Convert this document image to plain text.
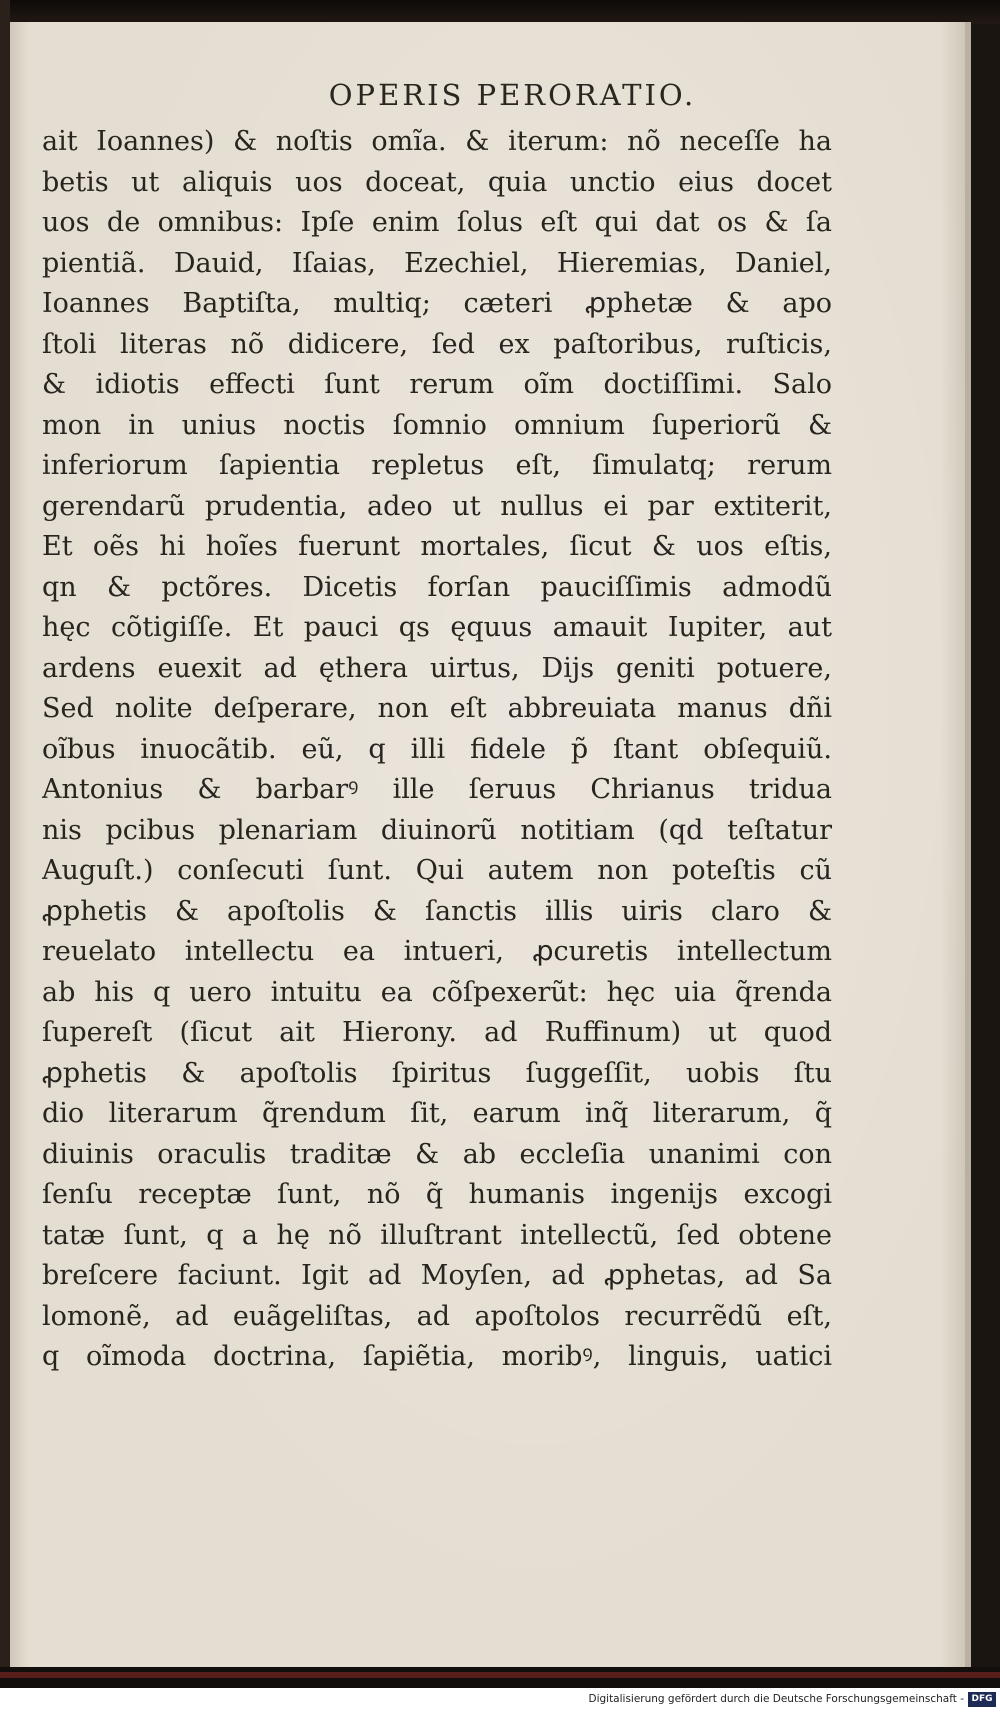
OPERIS PERORATIO.
ait Ioannes) & noſtis omĩa. & iterum: nõ neceſſe ha
betis ut aliquis uos doceat, quia unctio eius docet
uos de omnibus: Ipſe enim ſolus eſt qui dat os & ſa
pientiã. Dauid, Iſaias, Ezechiel, Hieremias, Daniel,
Ioannes Baptiſta, multiq; cæteri ꝓphetæ & apo
ſtoli literas nõ didicere, ſed ex paſtoribus, ruſticis,
& idiotis effecti ſunt rerum oĩm doctiſſimi. Salo
mon in unius noctis ſomnio omnium ſuperiorũ &
inferiorum ſapientia repletus eſt, ſimulatq; rerum
gerendarũ prudentia, adeo ut nullus ei par extiterit,
Et oẽs hi hoĩes fuerunt mortales, ſicut & uos eſtis,
qn & pctõres. Dicetis forſan pauciſſimis admodũ
hęc cõtigiſſe. Et pauci qs ęquus amauit Iupiter, aut
ardens euexit ad ęthera uirtus, Dijs geniti potuere,
Sed nolite deſperare, non eſt abbreuiata manus dñi
oĩbus inuocãtib. eũ, q illi fidele p̃ ſtant obſequiũ.
Antonius & barbarꝰ ille ſeruus Chrianus tridua
nis pcibus plenariam diuinorũ notitiam (qd teſtatur
Auguſt.) conſecuti ſunt. Qui autem non poteſtis cũ
ꝓphetis & apoſtolis & ſanctis illis uiris claro &
reuelato intellectu ea intueri, ꝓcuretis intellectum
ab his q uero intuitu ea cõſpexerũt: hęc uia q̃renda
ſupereſt (ſicut ait Hierony. ad Ruffinum) ut quod
ꝓphetis & apoſtolis ſpiritus ſuggeſſit, uobis ſtu
dio literarum q̃rendum ſit, earum inq̃ literarum, q̃
diuinis oraculis traditæ & ab eccleſia unanimi con
ſenſu receptæ ſunt, nõ q̃ humanis ingenijs excogi
tatæ ſunt, q a hę nõ illuſtrant intellectũ, ſed obtene
breſcere faciunt. Igit ad Moyſen, ad ꝓphetas, ad Sa
lomonẽ, ad euãgeliſtas, ad apoſtolos recurrẽdũ eſt,
q oĩmoda doctrina, ſapiẽtia, moribꝰ, linguis, uatici
Digitalisierung gefördert durch die Deutsche Forschungsgemeinschaft - DFG
